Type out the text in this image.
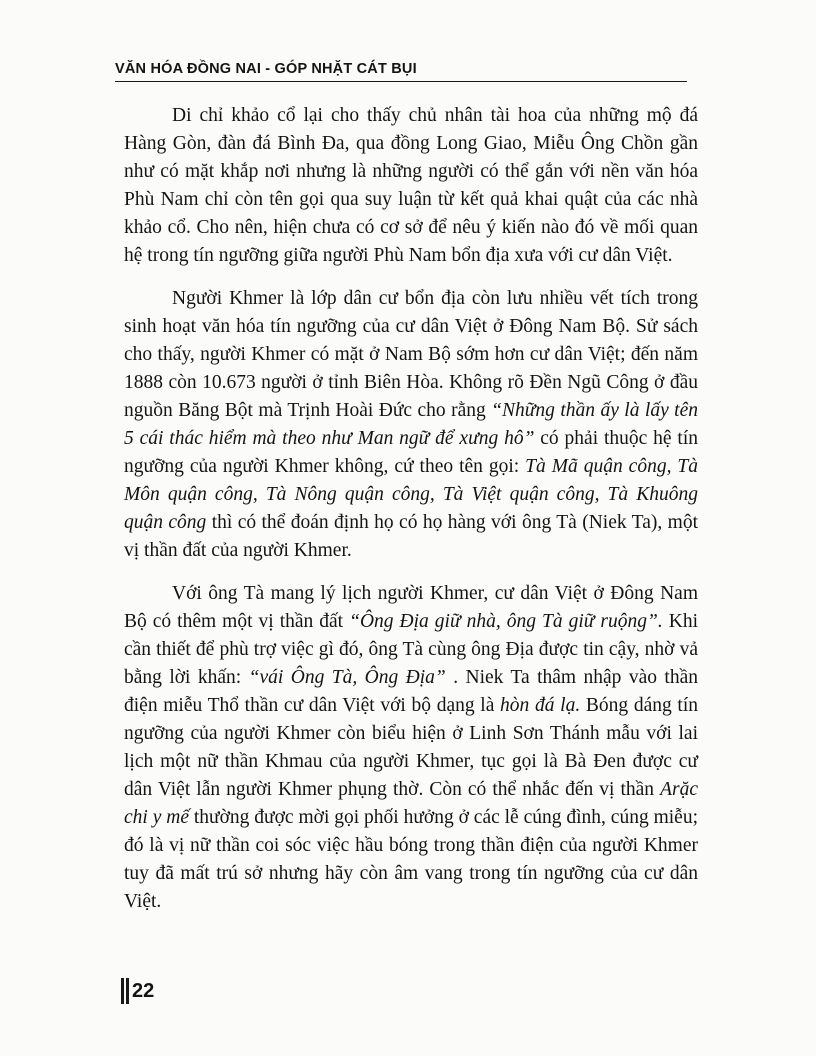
VĂN HÓA ĐỒNG NAI - GÓP NHẶT CÁT BỤI

Di chỉ khảo cổ lại cho thấy chủ nhân tài hoa của những mộ đá Hàng Gòn, đàn đá Bình Đa, qua đồng Long Giao, Miễu Ông Chồn gần như có mặt khắp nơi nhưng là những người có thể gắn với nền văn hóa Phù Nam chỉ còn tên gọi qua suy luận từ kết quả khai quật của các nhà khảo cổ. Cho nên, hiện chưa có cơ sở để nêu ý kiến nào đó về mối quan hệ trong tín ngưỡng giữa người Phù Nam bổn địa xưa với cư dân Việt.

Người Khmer là lớp dân cư bổn địa còn lưu nhiều vết tích trong sinh hoạt văn hóa tín ngưỡng của cư dân Việt ở Đông Nam Bộ. Sử sách cho thấy, người Khmer có mặt ở Nam Bộ sớm hơn cư dân Việt; đến năm 1888 còn 10.673 người ở tỉnh Biên Hòa. Không rõ Đền Ngũ Công ở đầu nguồn Băng Bột mà Trịnh Hoài Đức cho rằng “Những thần ấy là lấy tên 5 cái thác hiểm mà theo như Man ngữ để xưng hô” có phải thuộc hệ tín ngưỡng của người Khmer không, cứ theo tên gọi: Tà Mã quận công, Tà Môn quận công, Tà Nông quận công, Tà Việt quận công, Tà Khuông quận công thì có thể đoán định họ có họ hàng với ông Tà (Niek Ta), một vị thần đất của người Khmer.

Với ông Tà mang lý lịch người Khmer, cư dân Việt ở Đông Nam Bộ có thêm một vị thần đất “Ông Địa giữ nhà, ông Tà giữ ruộng”. Khi cần thiết để phù trợ việc gì đó, ông Tà cùng ông Địa được tin cậy, nhờ vả bằng lời khấn: “vái Ông Tà, Ông Địa” . Niek Ta thâm nhập vào thần điện miễu Thổ thần cư dân Việt với bộ dạng là hòn đá lạ. Bóng dáng tín ngưỡng của người Khmer còn biểu hiện ở Linh Sơn Thánh mẫu với lai lịch một nữ thần Khmau của người Khmer, tục gọi là Bà Đen được cư dân Việt lẫn người Khmer phụng thờ. Còn có thể nhắc đến vị thần Arặc chi y mế thường được mời gọi phối hưởng ở các lễ cúng đình, cúng miễu; đó là vị nữ thần coi sóc việc hầu bóng trong thần điện của người Khmer tuy đã mất trú sở nhưng hãy còn âm vang trong tín ngưỡng của cư dân Việt.

22
